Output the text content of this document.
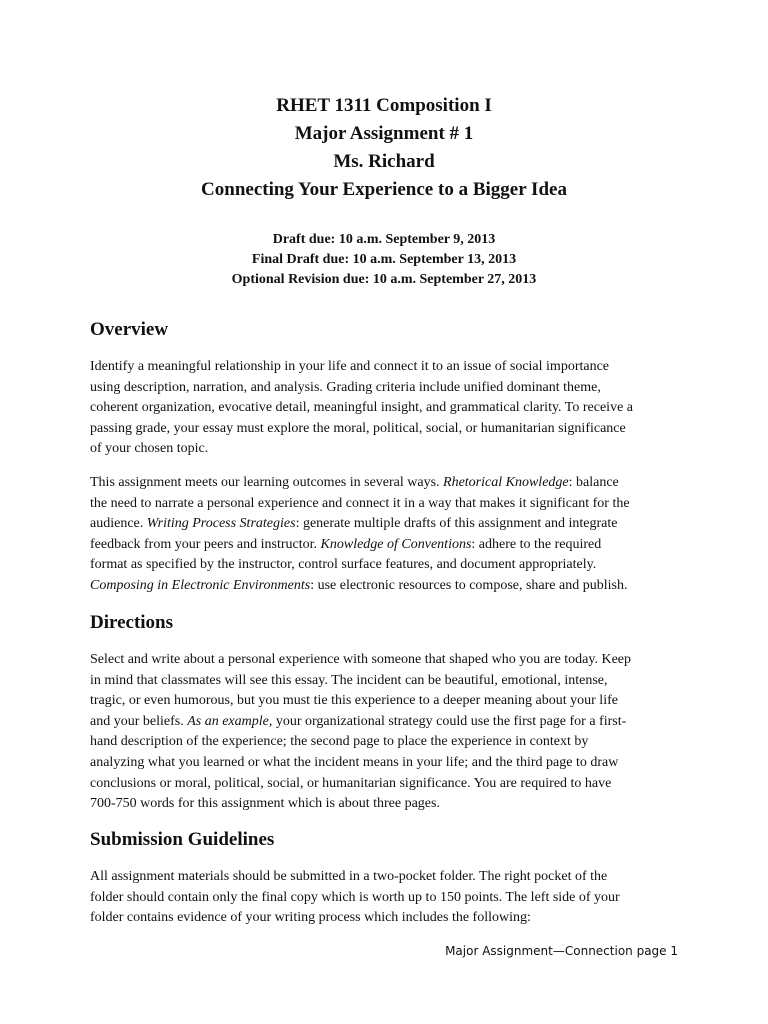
RHET 1311 Composition I
Major Assignment # 1
Ms. Richard
Connecting Your Experience to a Bigger Idea
Draft due: 10 a.m. September 9, 2013
Final Draft due: 10 a.m. September 13, 2013
Optional Revision due: 10 a.m. September 27, 2013
Overview
Identify a meaningful relationship in your life and connect it to an issue of social importance
using description, narration, and analysis. Grading criteria include unified dominant theme,
coherent organization, evocative detail, meaningful insight, and grammatical clarity. To receive a
passing grade, your essay must explore the moral, political, social, or humanitarian significance
of your chosen topic.
This assignment meets our learning outcomes in several ways. Rhetorical Knowledge: balance
the need to narrate a personal experience and connect it in a way that makes it significant for the
audience. Writing Process Strategies: generate multiple drafts of this assignment and integrate
feedback from your peers and instructor. Knowledge of Conventions: adhere to the required
format as specified by the instructor, control surface features, and document appropriately.
Composing in Electronic Environments: use electronic resources to compose, share and publish.
Directions
Select and write about a personal experience with someone that shaped who you are today. Keep
in mind that classmates will see this essay. The incident can be beautiful, emotional, intense,
tragic, or even humorous, but you must tie this experience to a deeper meaning about your life
and your beliefs. As an example, your organizational strategy could use the first page for a first-
hand description of the experience; the second page to place the experience in context by
analyzing what you learned or what the incident means in your life; and the third page to draw
conclusions or moral, political, social, or humanitarian significance. You are required to have
700-750 words for this assignment which is about three pages.
Submission Guidelines
All assignment materials should be submitted in a two-pocket folder. The right pocket of the
folder should contain only the final copy which is worth up to 150 points. The left side of your
folder contains evidence of your writing process which includes the following:
Major Assignment—Connection page 1
